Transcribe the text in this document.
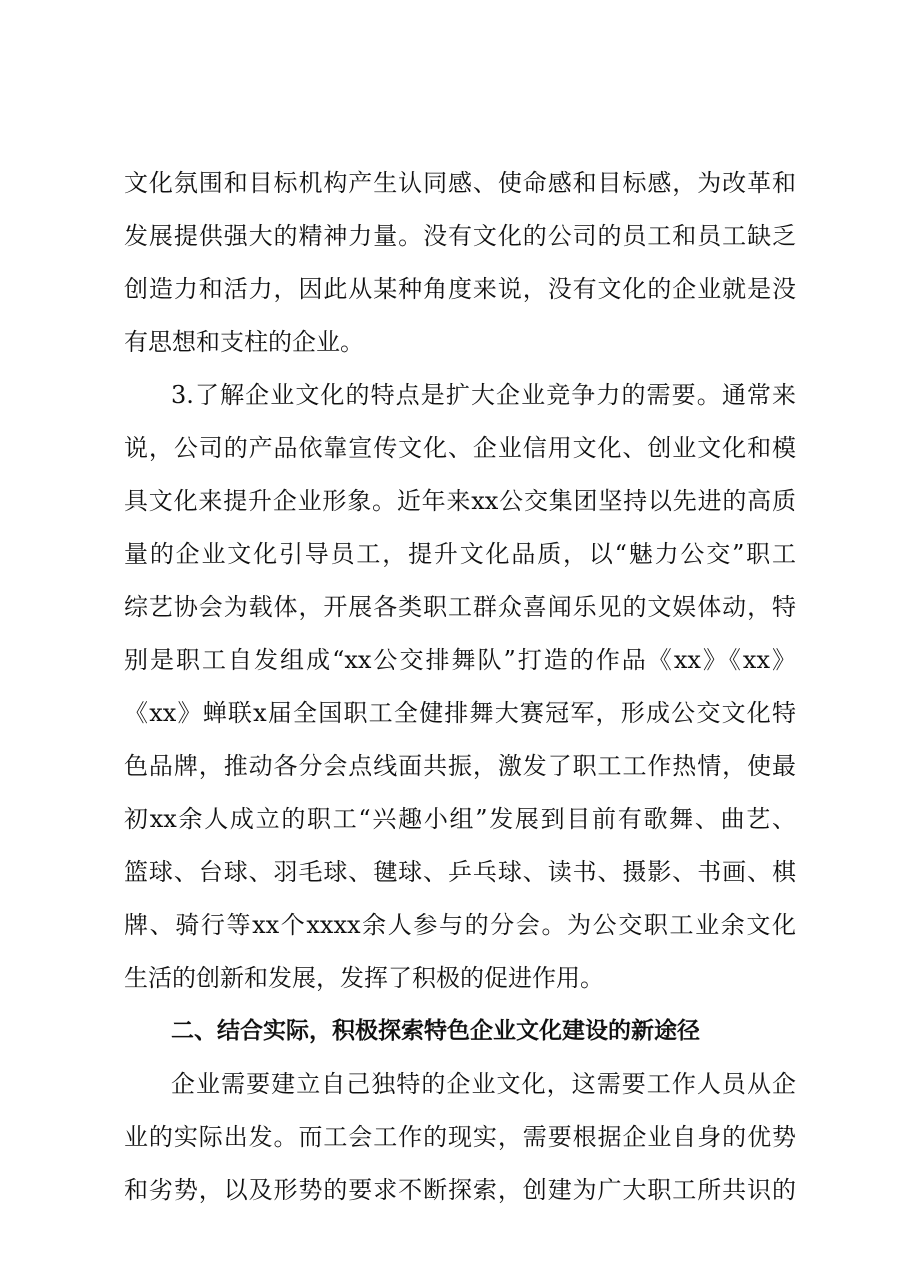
文化氛围和目标机构产生认同感、使命感和目标感，为改革和
发展提供强大的精神力量。没有文化的公司的员工和员工缺乏
创造力和活力，因此从某种角度来说，没有文化的企业就是没
有思想和支柱的企业。
3.了解企业文化的特点是扩大企业竞争力的需要。通常来
说，公司的产品依靠宣传文化、企业信用文化、创业文化和模
具文化来提升企业形象。近年来xx公交集团坚持以先进的高质
量的企业文化引导员工，提升文化品质，以“魅力公交”职工
综艺协会为载体，开展各类职工群众喜闻乐见的文娱体动，特
别是职工自发组成“xx公交排舞队”打造的作品《xx》《xx》
《xx》蝉联x届全国职工全健排舞大赛冠军，形成公交文化特
色品牌，推动各分会点线面共振，激发了职工工作热情，使最
初xx余人成立的职工“兴趣小组”发展到目前有歌舞、曲艺、
篮球、台球、羽毛球、毽球、乒乓球、读书、摄影、书画、棋
牌、骑行等xx个xxxx余人参与的分会。为公交职工业余文化
生活的创新和发展，发挥了积极的促进作用。
二、结合实际，积极探索特色企业文化建设的新途径
企业需要建立自己独特的企业文化，这需要工作人员从企
业的实际出发。而工会工作的现实，需要根据企业自身的优势
和劣势，以及形势的要求不断探索，创建为广大职工所共识的
